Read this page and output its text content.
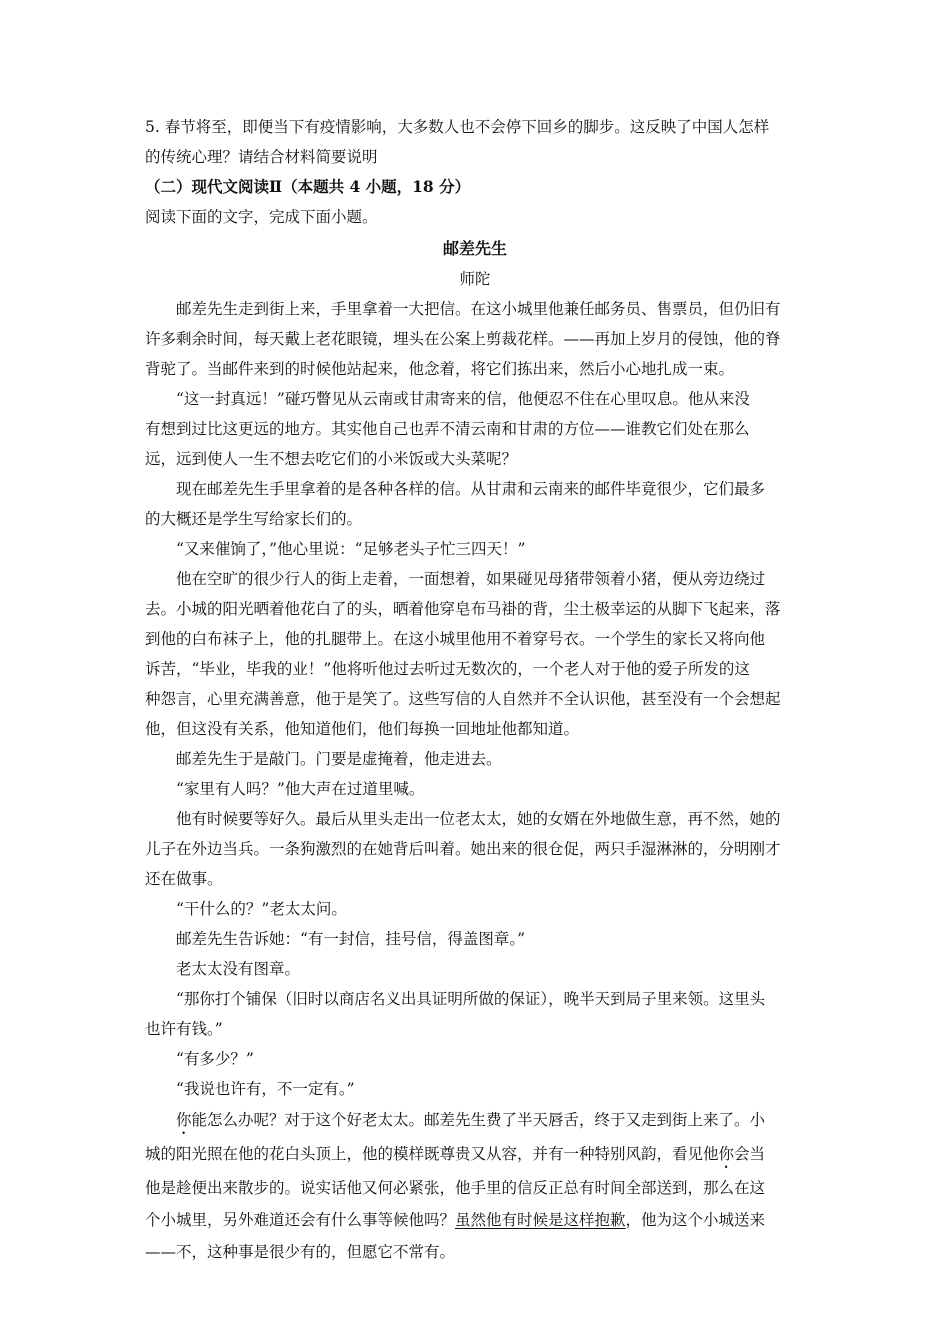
5. 春节将至，即便当下有疫情影响，大多数人也不会停下回乡的脚步。这反映了中国人怎样
的传统心理？请结合材料简要说明
（二）现代文阅读Ⅱ（本题共 4 小题，18 分）
阅读下面的文字，完成下面小题。
邮差先生
师陀
邮差先生走到街上来，手里拿着一大把信。在这小城里他兼任邮务员、售票员，但仍旧有
许多剩余时间，每天戴上老花眼镜，埋头在公案上剪裁花样。——再加上岁月的侵蚀，他的脊
背驼了。当邮件来到的时候他站起来，他念着，将它们拣出来，然后小心地扎成一束。
“这一封真远！”碰巧瞥见从云南或甘肃寄来的信，他便忍不住在心里叹息。他从来没
有想到过比这更远的地方。其实他自己也弄不清云南和甘肃的方位——谁教它们处在那么
远，远到使人一生不想去吃它们的小米饭或大头菜呢？
现在邮差先生手里拿着的是各种各样的信。从甘肃和云南来的邮件毕竟很少，它们最多
的大概还是学生写给家长们的。
“又来催饷了，”他心里说：“足够老头子忙三四天！”
他在空旷的很少行人的街上走着，一面想着，如果碰见母猪带领着小猪，便从旁边绕过
去。小城的阳光晒着他花白了的头，晒着他穿皂布马褂的背，尘土极幸运的从脚下飞起来，落
到他的白布袜子上，他的扎腿带上。在这小城里他用不着穿号衣。一个学生的家长又将向他
诉苦，“毕业，毕我的业！”他将听他过去听过无数次的，一个老人对于他的爱子所发的这
种怨言，心里充满善意，他于是笑了。这些写信的人自然并不全认识他，甚至没有一个会想起
他，但这没有关系，他知道他们，他们每换一回地址他都知道。
邮差先生于是敲门。门要是虚掩着，他走进去。
“家里有人吗？”他大声在过道里喊。
他有时候要等好久。最后从里头走出一位老太太，她的女婿在外地做生意，再不然，她的
儿子在外边当兵。一条狗激烈的在她背后叫着。她出来的很仓促，两只手湿淋淋的，分明刚才
还在做事。
“干什么的？”老太太问。
邮差先生告诉她：“有一封信，挂号信，得盖图章。”
老太太没有图章。
“那你打个铺保（旧时以商店名义出具证明所做的保证），晚半天到局子里来领。这里头
也许有钱。”
“有多少？”
“我说也许有，不一定有。”
你能怎么办呢？对于这个好老太太。邮差先生费了半天唇舌，终于又走到街上来了。小
城的阳光照在他的花白头顶上，他的模样既尊贵又从容，并有一种特别风韵，看见他你会当
他是趁便出来散步的。说实话他又何必紧张，他手里的信反正总有时间全部送到，那么在这
个小城里，另外难道还会有什么事等候他吗？虽然他有时候是这样抱歉，他为这个小城送来
——不，这种事是很少有的，但愿它不常有。
